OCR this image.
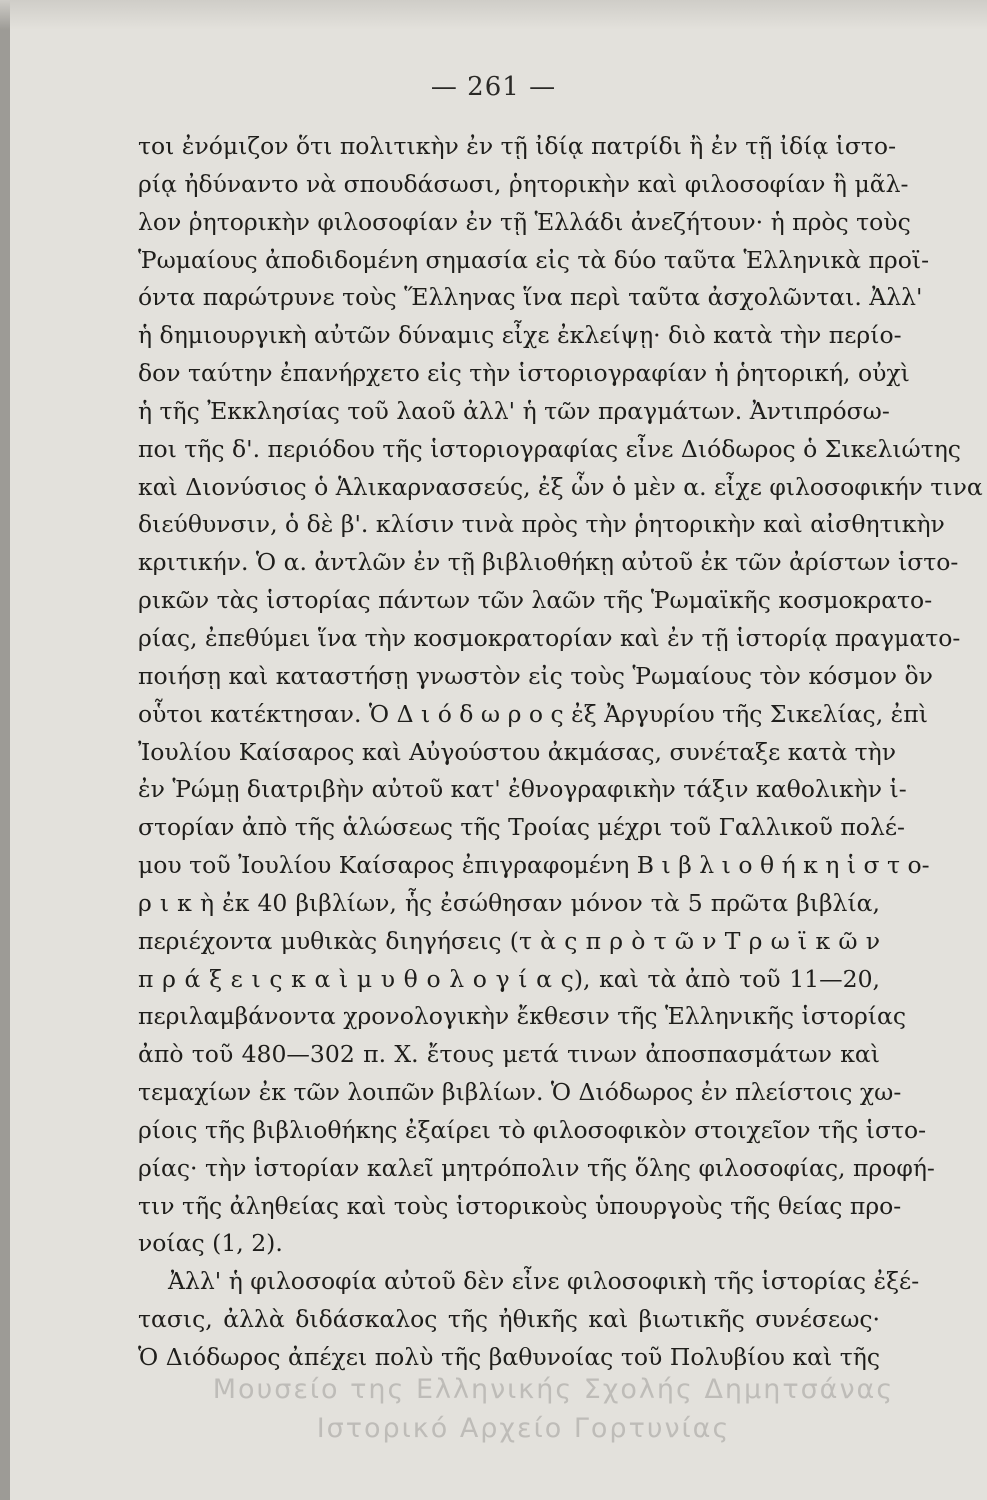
— 261 —
τοι ἐνόμιζον ὅτι πολιτικὴν ἐν τῇ ἰδίᾳ πατρίδι ἢ ἐν τῇ ἰδίᾳ ἱστο-
ρίᾳ ἠδύναντο νὰ σπουδάσωσι, ῥητορικὴν καὶ φιλοσοφίαν ἢ μᾶλ-
λον ῥητορικὴν φιλοσοφίαν ἐν τῇ Ἑλλάδι ἀνεζήτουν· ἡ πρὸς τοὺς
Ῥωμαίους ἀποδιδομένη σημασία εἰς τὰ δύο ταῦτα Ἑλληνικὰ προϊ-
όντα παρώτρυνε τοὺς Ἕλληνας ἵνα περὶ ταῦτα ἀσχολῶνται. Ἀλλ'
ἡ δημιουργικὴ αὐτῶν δύναμις εἶχε ἐκλείψῃ· διὸ κατὰ τὴν περίο-
δον ταύτην ἐπανήρχετο εἰς τὴν ἱστοριογραφίαν ἡ ῥητορική, οὐχὶ
ἡ τῆς Ἐκκλησίας τοῦ λαοῦ ἀλλ' ἡ τῶν πραγμάτων. Ἀντιπρόσω-
ποι τῆς δ'. περιόδου τῆς ἱστοριογραφίας εἶνε Διόδωρος ὁ Σικελιώτης
καὶ Διονύσιος ὁ Ἁλικαρνασσεύς, ἐξ ὧν ὁ μὲν α. εἶχε φιλοσοφικήν τινα
διεύθυνσιν, ὁ δὲ β'. κλίσιν τινὰ πρὸς τὴν ῥητορικὴν καὶ αἰσθητικὴν
κριτικήν. Ὁ α. ἀντλῶν ἐν τῇ βιβλιοθήκῃ αὐτοῦ ἐκ τῶν ἀρίστων ἱστο-
ρικῶν τὰς ἱστορίας πάντων τῶν λαῶν τῆς Ῥωμαϊκῆς κοσμοκρατο-
ρίας, ἐπεθύμει ἵνα τὴν κοσμοκρατορίαν καὶ ἐν τῇ ἱστορίᾳ πραγματο-
ποιήσῃ καὶ καταστήσῃ γνωστὸν εἰς τοὺς Ῥωμαίους τὸν κόσμον ὃν
οὗτοι κατέκτησαν. Ὁ Δ ι ό δ ω ρ ο ς ἐξ Ἀργυρίου τῆς Σικελίας, ἐπὶ
Ἰουλίου Καίσαρος καὶ Αὐγούστου ἀκμάσας, συνέταξε κατὰ τὴν
ἐν Ῥώμῃ διατριβὴν αὐτοῦ κατ' ἐθνογραφικὴν τάξιν καθολικὴν ἱ-
στορίαν ἀπὸ τῆς ἁλώσεως τῆς Τροίας μέχρι τοῦ Γαλλικοῦ πολέ-
μου τοῦ Ἰουλίου Καίσαρος ἐπιγραφομένη Β ι β λ ι ο θ ή κ η ἱ σ τ ο-
ρ ι κ ὴ ἐκ 40 βιβλίων, ἧς ἐσώθησαν μόνον τὰ 5 πρῶτα βιβλία,
περιέχοντα μυθικὰς διηγήσεις (τ ὰ ς π ρ ὸ τ ῶ ν Τ ρ ω ϊ κ ῶ ν
π ρ ά ξ ε ι ς κ α ὶ μ υ θ ο λ ο γ ί α ς), καὶ τὰ ἀπὸ τοῦ 11—20,
περιλαμβάνοντα χρονολογικὴν ἔκθεσιν τῆς Ἑλληνικῆς ἱστορίας
ἀπὸ τοῦ 480—302 π. Χ. ἔτους μετά τινων ἀποσπασμάτων καὶ
τεμαχίων ἐκ τῶν λοιπῶν βιβλίων. Ὁ Διόδωρος ἐν πλείστοις χω-
ρίοις τῆς βιβλιοθήκης ἐξαίρει τὸ φιλοσοφικὸν στοιχεῖον τῆς ἱστο-
ρίας· τὴν ἱστορίαν καλεῖ μητρόπολιν τῆς ὅλης φιλοσοφίας, προφή-
τιν τῆς ἀληθείας καὶ τοὺς ἱστορικοὺς ὑπουργοὺς τῆς θείας προ-
νοίας (1, 2).
Ἀλλ' ἡ φιλοσοφία αὐτοῦ δὲν εἶνε φιλοσοφικὴ τῆς ἱστορίας ἐξέ-
τασις, ἀλλὰ διδάσκαλος τῆς ἠθικῆς καὶ βιωτικῆς συνέσεως·
Ὁ Διόδωρος ἀπέχει πολὺ τῆς βαθυνοίας τοῦ Πολυβίου καὶ τῆς
Μουσείο της Ελληνικής Σχολής Δημητσάνας
Ιστορικό Αρχείο Γορτυνίας
